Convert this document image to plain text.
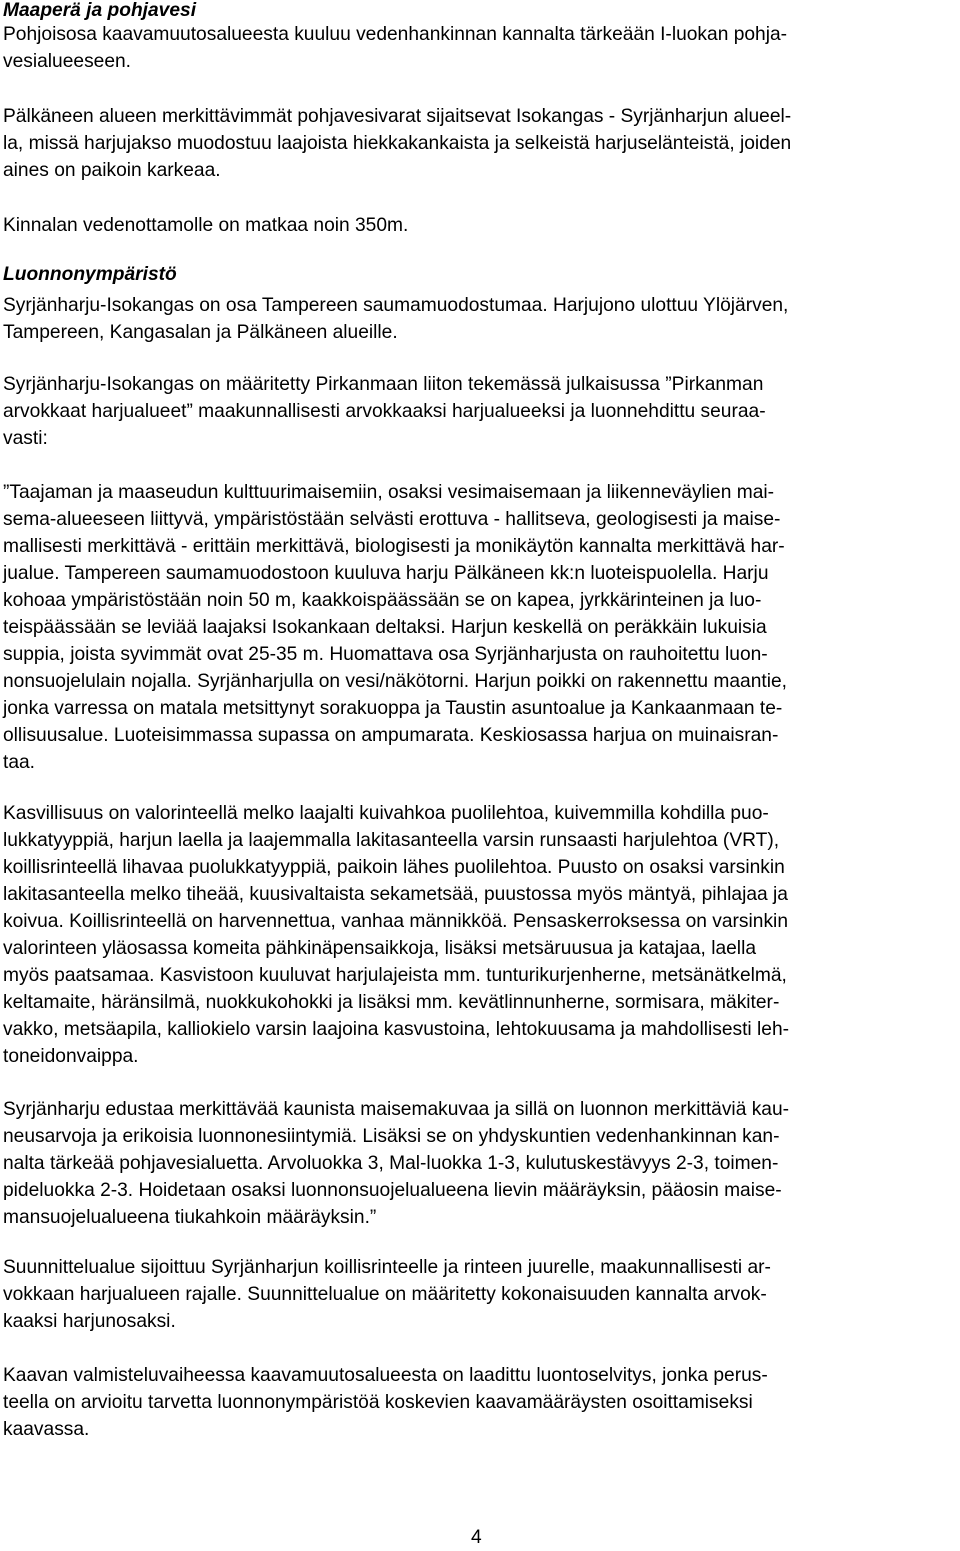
Maaperä ja pohjavesi

Pohjoisosa kaavamuutosalueesta kuuluu vedenhankinnan kannalta tärkeään I-luokan pohja-

vesialueeseen.

Pälkäneen alueen merkittävimmät pohjavesivarat sijaitsevat Isokangas - Syrjänharjun alueel-

la, missä harjujakso muodostuu laajoista hiekkakankaista ja selkeistä harjuselänteistä, joiden

aines on paikoin karkeaa.

Kinnalan vedenottamolle on matkaa noin 350m.

Luonnonympäristö

Syrjänharju-Isokangas on osa Tampereen saumamuodostumaa. Harjujono ulottuu Ylöjärven,

Tampereen, Kangasalan ja Pälkäneen alueille.

Syrjänharju-Isokangas on määritetty Pirkanmaan liiton tekemässä julkaisussa ”Pirkanman

arvokkaat harjualueet” maakunnallisesti arvokkaaksi harjualueeksi ja luonnehdittu seuraa-

vasti:

”Taajaman ja maaseudun kulttuurimaisemiin, osaksi vesimaisemaan ja liikenneväylien mai-

sema-alueeseen liittyvä, ympäristöstään selvästi erottuva - hallitseva, geologisesti ja maise-

mallisesti merkittävä - erittäin merkittävä, biologisesti ja monikäytön kannalta merkittävä har-

jualue. Tampereen saumamuodostoon kuuluva harju Pälkäneen kk:n luoteispuolella. Harju

kohoaa ympäristöstään noin 50 m, kaakkoispäässään se on kapea, jyrkkärinteinen ja luo-

teispäässään se leviää laajaksi Isokankaan deltaksi. Harjun keskellä on peräkkäin lukuisia

suppia, joista syvimmät ovat 25-35 m. Huomattava osa Syrjänharjusta on rauhoitettu luon-

nonsuojelulain nojalla. Syrjänharjulla on vesi/näkötorni. Harjun poikki on rakennettu maantie,

jonka varressa on matala metsittynyt sorakuoppa ja Taustin asuntoalue ja Kankaanmaan te-

ollisuusalue. Luoteisimmassa supassa on ampumarata. Keskiosassa harjua on muinaisran-

taa.

Kasvillisuus on valorinteellä melko laajalti kuivahkoa puolilehtoa, kuivemmilla kohdilla puo-

lukkatyyppiä, harjun laella ja laajemmalla lakitasanteella varsin runsaasti harjulehtoa (VRT),

koillisrinteellä lihavaa puolukkatyyppiä, paikoin lähes puolilehtoa. Puusto on osaksi varsinkin

lakitasanteella melko tiheää, kuusivaltaista sekametsää, puustossa myös mäntyä, pihlajaa ja

koivua. Koillisrinteellä on harvennettua, vanhaa männikköä. Pensaskerroksessa on varsinkin

valorinteen yläosassa komeita pähkinäpensaikkoja, lisäksi metsäruusua ja katajaa, laella

myös paatsamaa. Kasvistoon kuuluvat harjulajeista mm. tunturikurjenherne, metsänätkelmä,

keltamaite, häränsilmä, nuokkukohokki ja lisäksi mm. kevätlinnunherne, sormisara, mäkiter-

vakko, metsäapila, kalliokielo varsin laajoina kasvustoina, lehtokuusama ja mahdollisesti leh-

toneidonvaippa.

Syrjänharju edustaa merkittävää kaunista maisemakuvaa ja sillä on luonnon merkittäviä kau-

neusarvoja ja erikoisia luonnonesiintymiä. Lisäksi se on yhdyskuntien vedenhankinnan kan-

nalta tärkeää pohjavesialuetta. Arvoluokka 3, Mal-luokka 1-3, kulutuskestävyys 2-3, toimen-

pideluokka 2-3. Hoidetaan osaksi luonnonsuojelualueena lievin määräyksin, pääosin maise-

mansuojelualueena tiukahkoin määräyksin.”

Suunnittelualue sijoittuu Syrjänharjun koillisrinteelle ja rinteen juurelle, maakunnallisesti ar-

vokkaan harjualueen rajalle. Suunnittelualue on määritetty kokonaisuuden kannalta arvok-

kaaksi harjunosaksi.

Kaavan valmisteluvaiheessa kaavamuutosalueesta on laadittu luontoselvitys, jonka perus-

teella on arvioitu tarvetta luonnonympäristöä koskevien kaavamääräysten osoittamiseksi

kaavassa.

4
